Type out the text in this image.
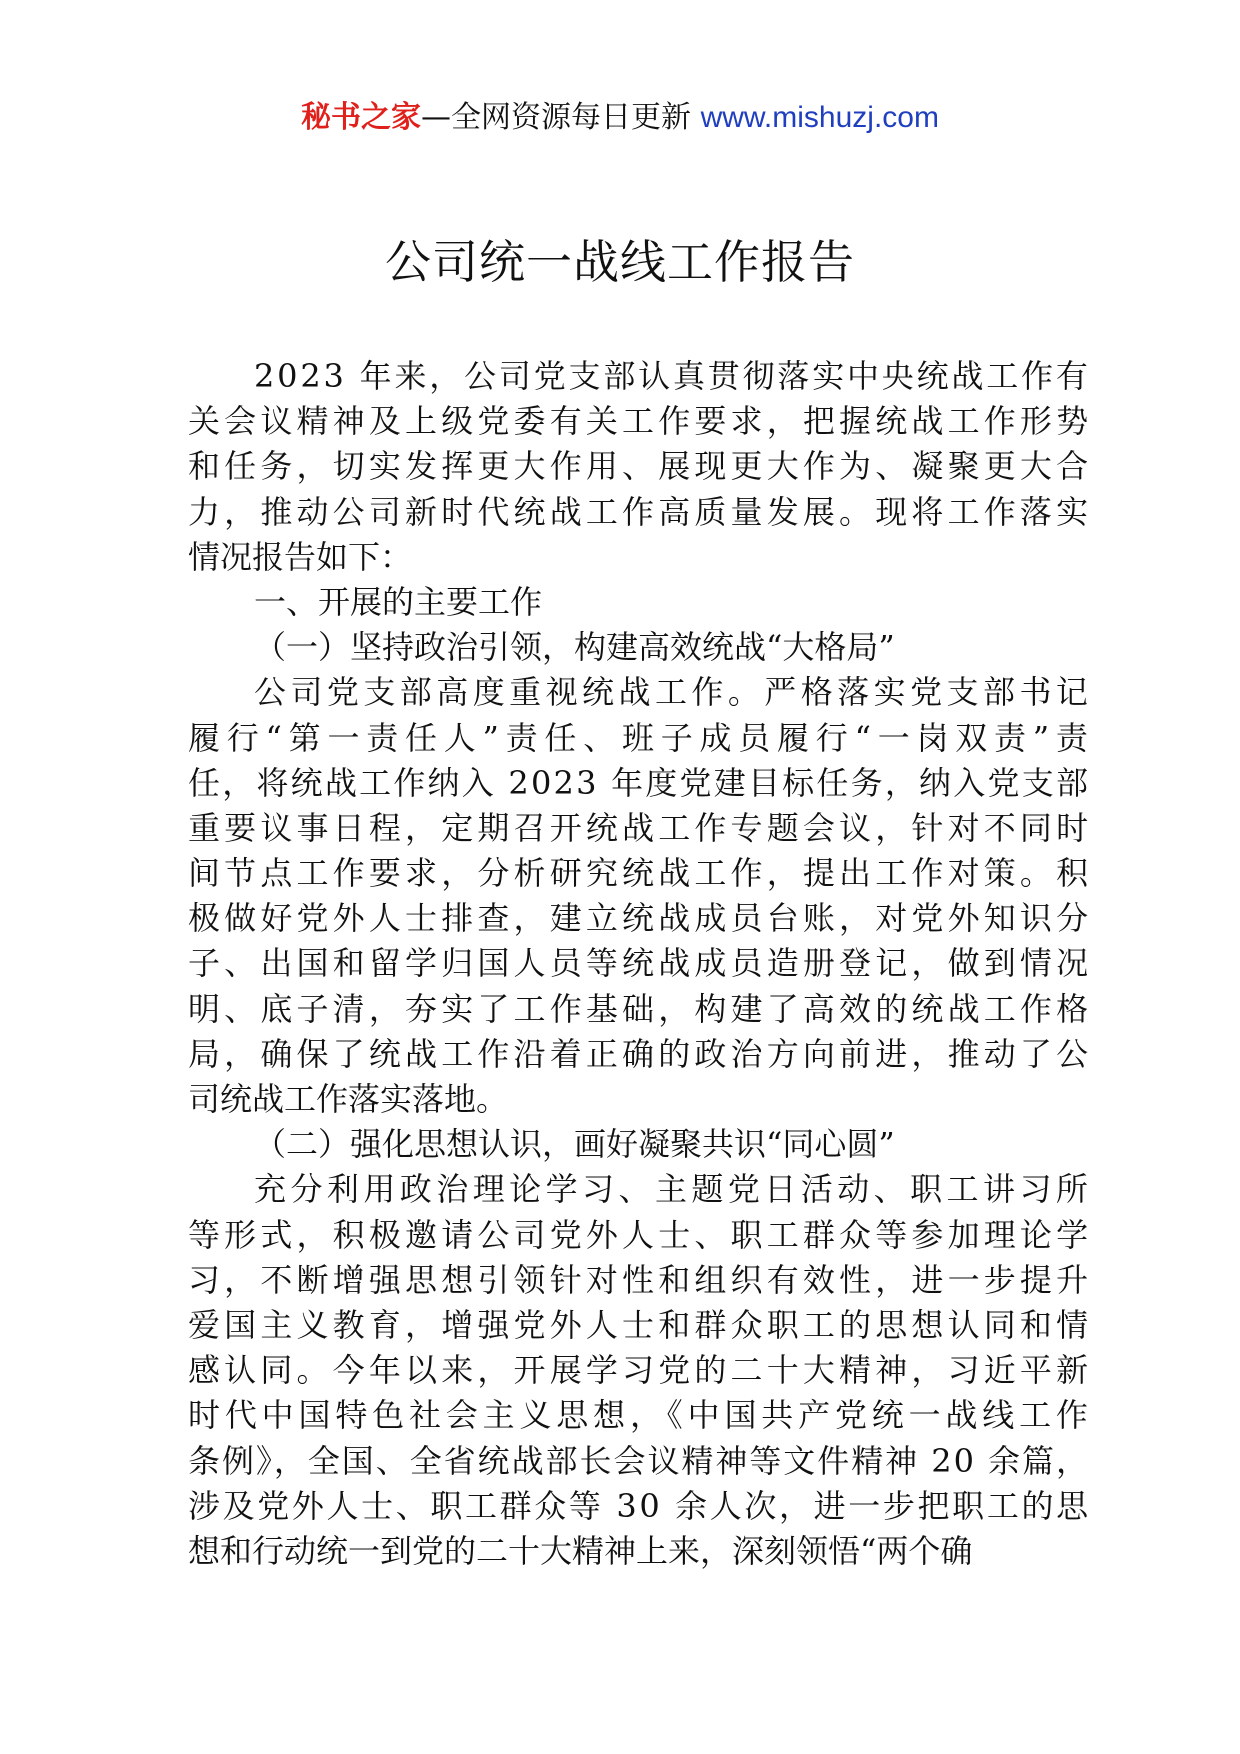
秘书之家—全网资源每日更新 www.mishuzj.com
公司统一战线工作报告
2023 年来，公司党支部认真贯彻落实中央统战工作有
关会议精神及上级党委有关工作要求，把握统战工作形势
和任务，切实发挥更大作用、展现更大作为、凝聚更大合
力，推动公司新时代统战工作高质量发展。现将工作落实
情况报告如下：
一、开展的主要工作
（一）坚持政治引领，构建高效统战“大格局”
公司党支部高度重视统战工作。严格落实党支部书记
履行“第一责任人”责任、班子成员履行“一岗双责”责
任，将统战工作纳入 2023 年度党建目标任务，纳入党支部
重要议事日程，定期召开统战工作专题会议，针对不同时
间节点工作要求，分析研究统战工作，提出工作对策。积
极做好党外人士排查，建立统战成员台账，对党外知识分
子、出国和留学归国人员等统战成员造册登记，做到情况
明、底子清，夯实了工作基础，构建了高效的统战工作格
局，确保了统战工作沿着正确的政治方向前进，推动了公
司统战工作落实落地。
（二）强化思想认识，画好凝聚共识“同心圆”
充分利用政治理论学习、主题党日活动、职工讲习所
等形式，积极邀请公司党外人士、职工群众等参加理论学
习，不断增强思想引领针对性和组织有效性，进一步提升
爱国主义教育，增强党外人士和群众职工的思想认同和情
感认同。今年以来，开展学习党的二十大精神，习近平新
时代中国特色社会主义思想，《中国共产党统一战线工作
条例》，全国、全省统战部长会议精神等文件精神 20 余篇，
涉及党外人士、职工群众等 30 余人次，进一步把职工的思
想和行动统一到党的二十大精神上来，深刻领悟“两个确
